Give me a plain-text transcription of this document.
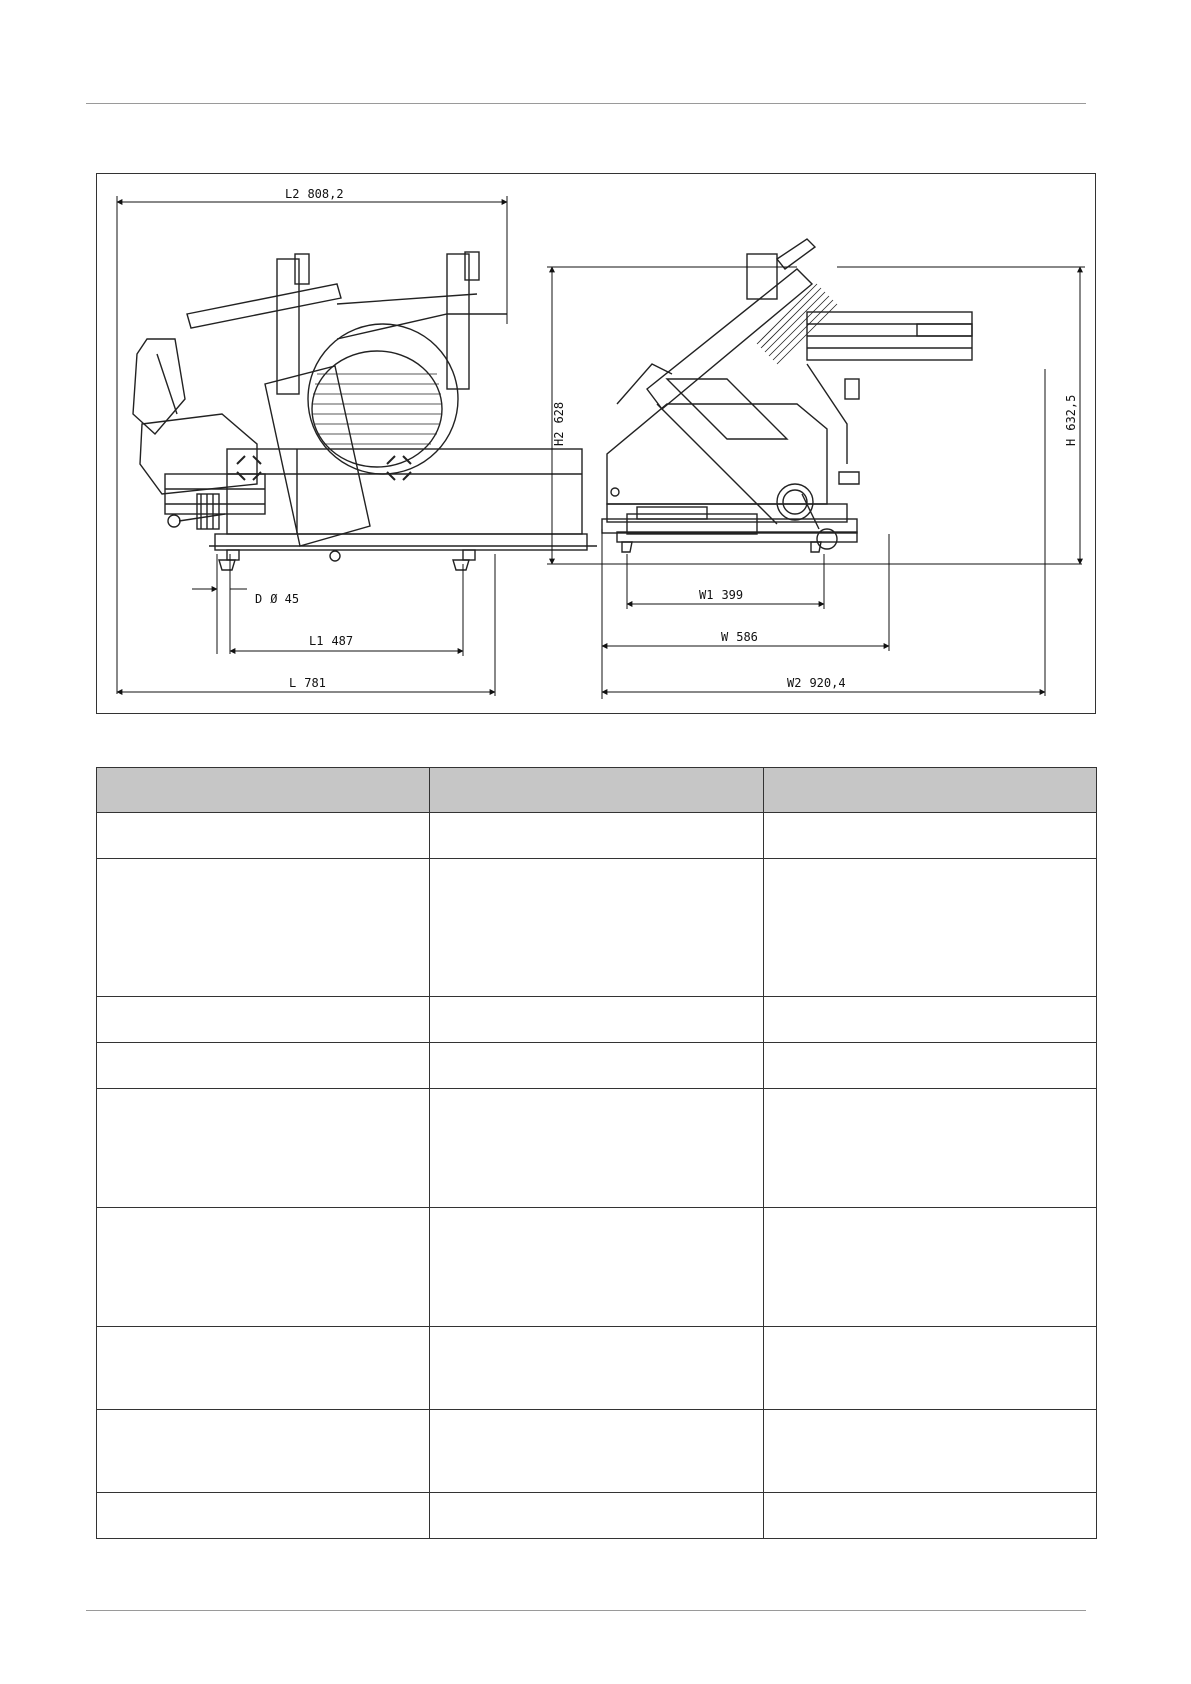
L2 808,2
D Ø 45
L1 487
L 781
H2628
H632,5
W1 399
W 586
W2 920,4
